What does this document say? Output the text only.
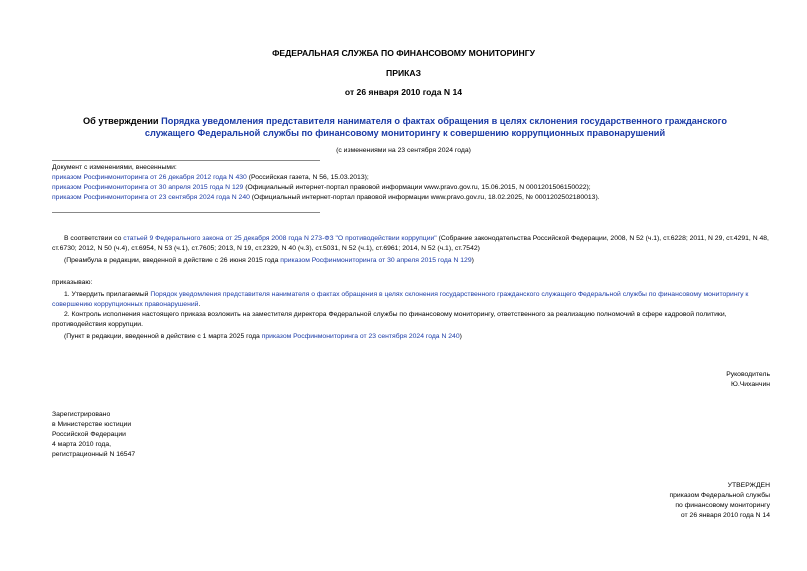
ФЕДЕРАЛЬНАЯ СЛУЖБА ПО ФИНАНСОВОМУ МОНИТОРИНГУ
ПРИКАЗ
от 26 января 2010 года N 14
Об утверждении Порядка уведомления представителя нанимателя о фактах обращения в целях склонения государственного гражданского служащего Федеральной службы по финансовому мониторингу к совершению коррупционных правонарушений
(с изменениями на 23 сентября 2024 года)
Документ с изменениями, внесенными:
приказом Росфинмониторинга от 26 декабря 2012 года N 430 (Российская газета, N 56, 15.03.2013);
приказом Росфинмониторинга от 30 апреля 2015 года N 129 (Официальный интернет-портал правовой информации www.pravo.gov.ru, 15.06.2015, N 0001201506150022);
приказом Росфинмониторинга от 23 сентября 2024 года N 240 (Официальный интернет-портал правовой информации www.pravo.gov.ru, 18.02.2025, № 0001202502180013).
В соответствии со статьей 9 Федерального закона от 25 декабря 2008 года N 273-ФЗ "О противодействии коррупции" (Собрание законодательства Российской Федерации, 2008, N 52 (ч.1), ст.6228; 2011, N 29, ст.4291, N 48, ст.6730; 2012, N 50 (ч.4), ст.6954, N 53 (ч.1), ст.7605; 2013, N 19, ст.2329, N 40 (ч.3), ст.5031, N 52 (ч.1), ст.6961; 2014, N 52 (ч.1), ст.7542)
(Преамбула в редакции, введенной в действие с 26 июня 2015 года приказом Росфинмониторинга от 30 апреля 2015 года N 129)
приказываю:
1. Утвердить прилагаемый Порядок уведомления представителя нанимателя о фактах обращения в целях склонения государственного гражданского служащего Федеральной службы по финансовому мониторингу к совершению коррупционных правонарушений.
2. Контроль исполнения настоящего приказа возложить на заместителя директора Федеральной службы по финансовому мониторингу, ответственного за реализацию полномочий в сфере кадровой политики, противодействия коррупции.
(Пункт в редакции, введенной в действие с 1 марта 2025 года приказом Росфинмониторинга от 23 сентября 2024 года N 240)
Руководитель
Ю.Чиханчин
Зарегистрировано
в Министерстве юстиции
Российской Федерации
4 марта 2010 года,
регистрационный N 16547
УТВЕРЖДЕН
приказом Федеральной службы
по финансовому мониторингу
от 26 января 2010 года N 14
